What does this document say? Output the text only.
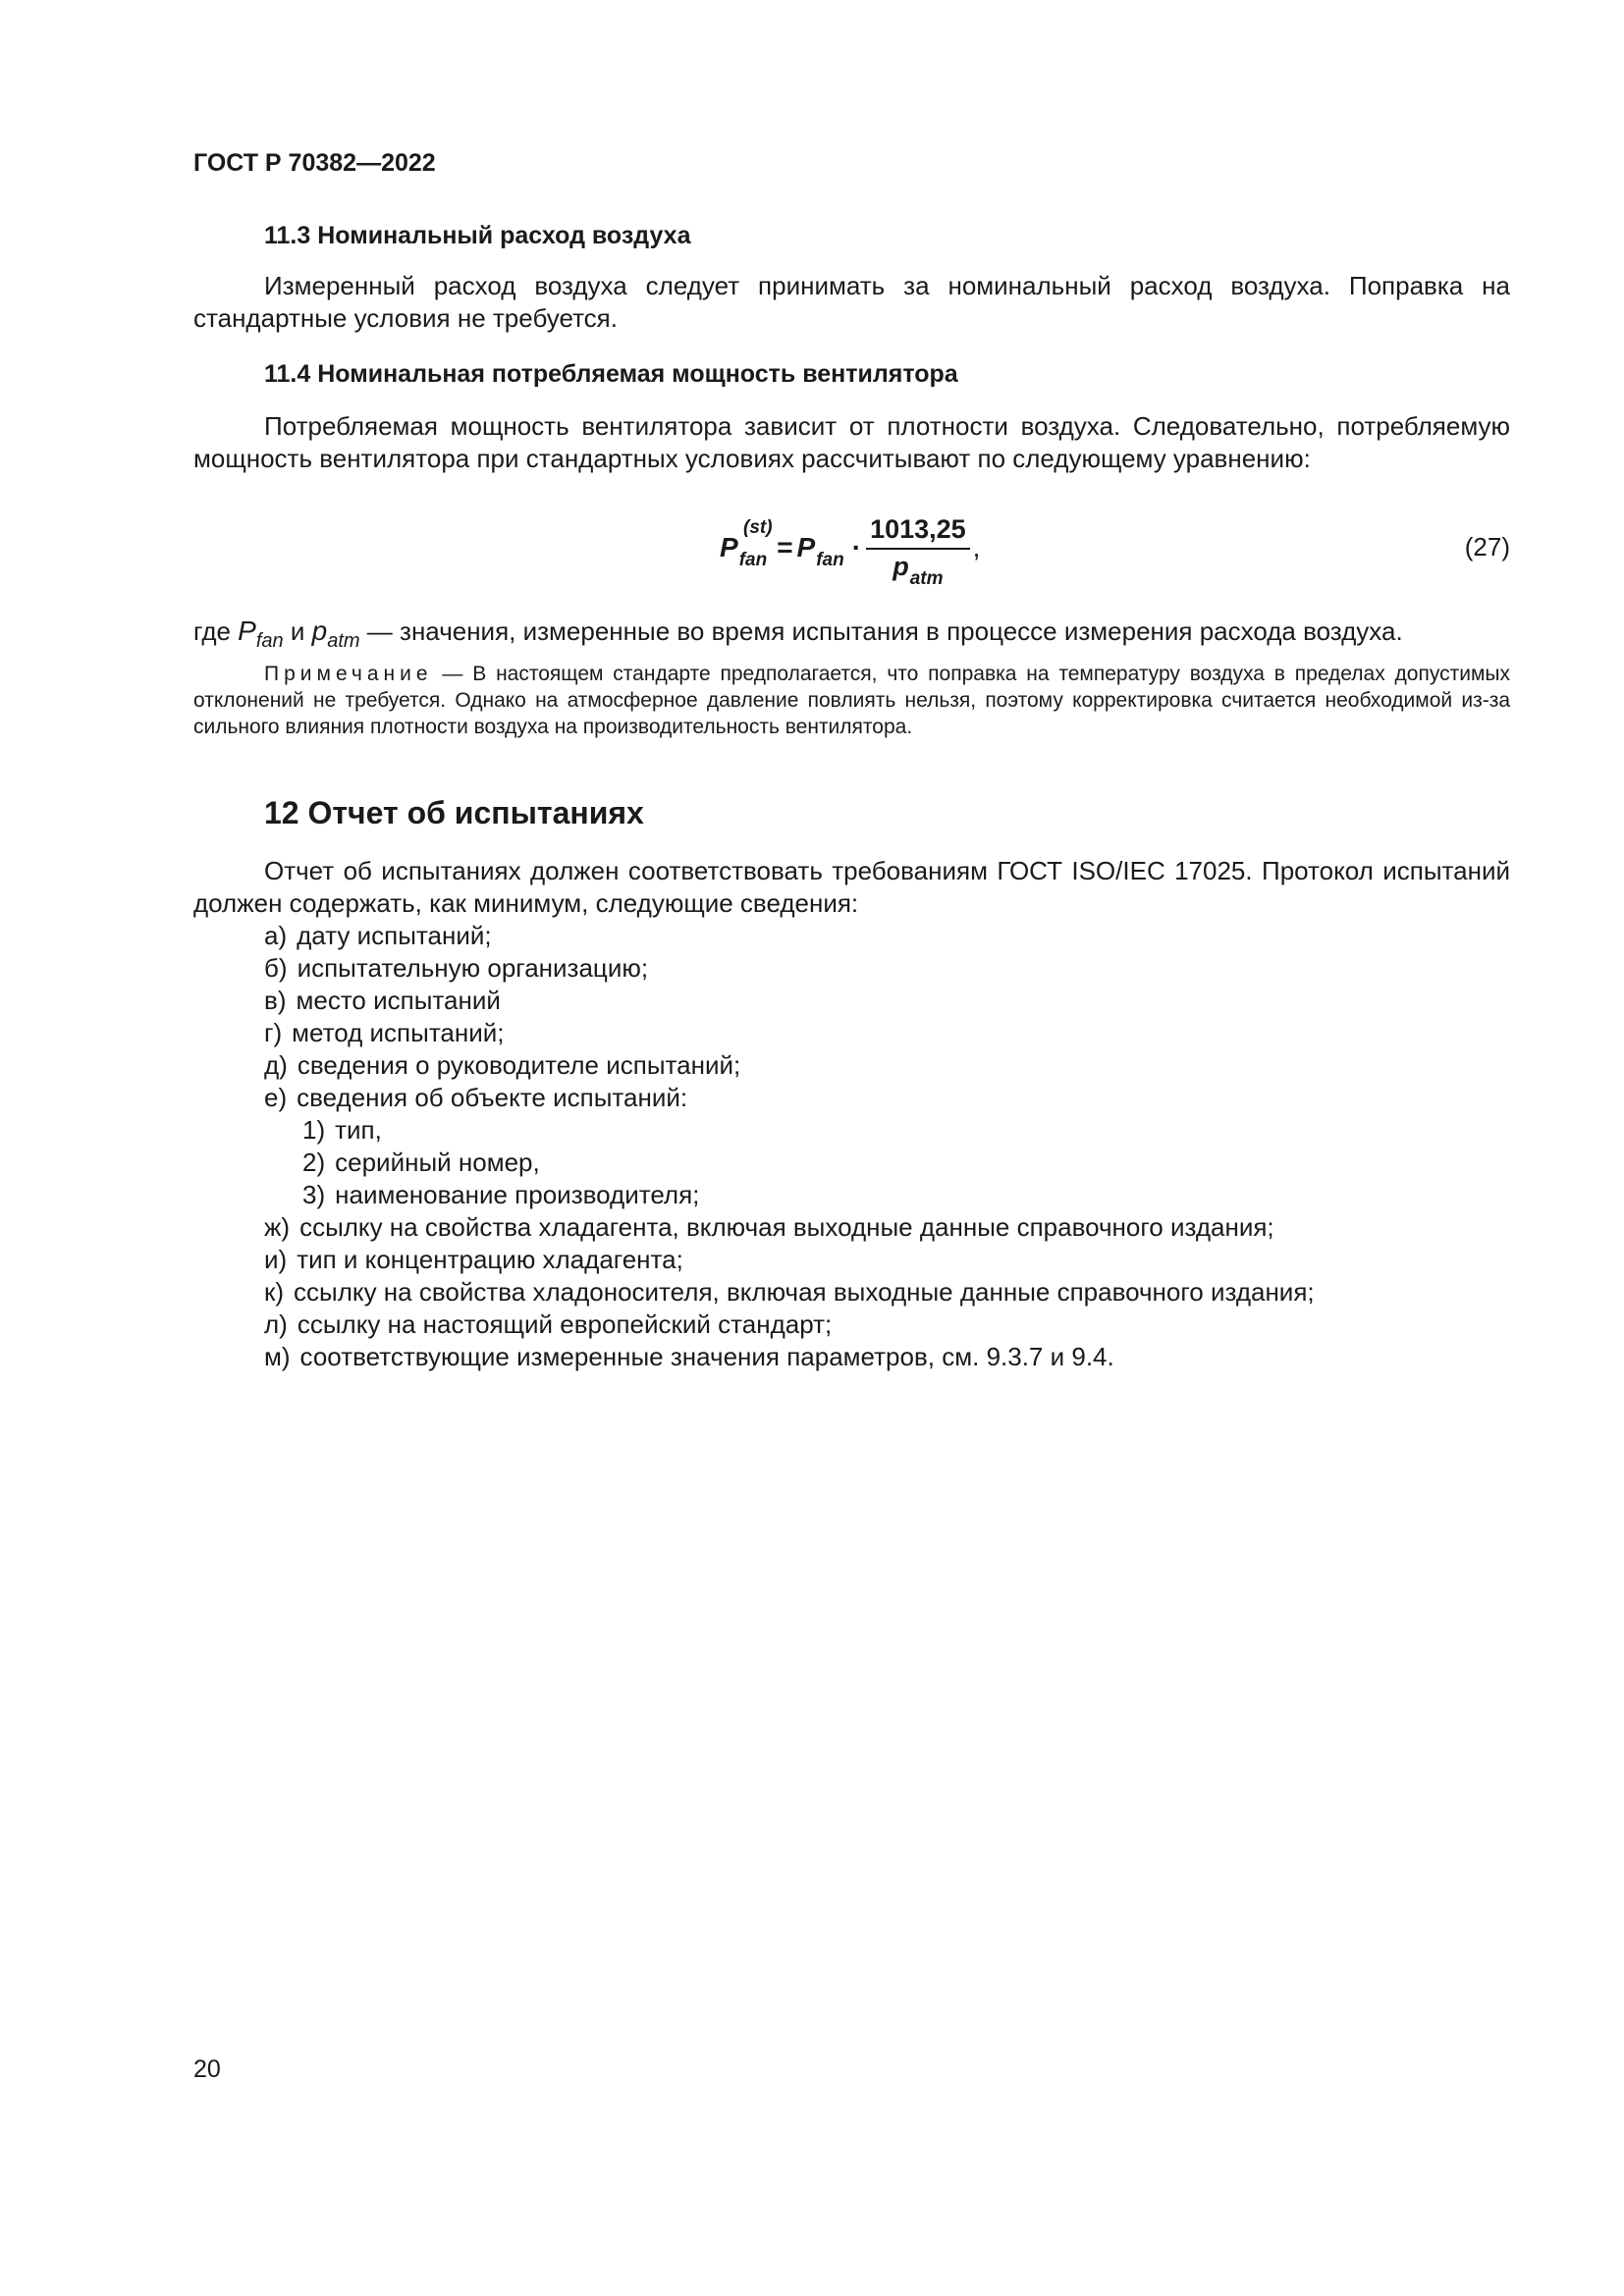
ГОСТ Р 70382—2022
11.3 Номинальный расход воздуха

Измеренный расход воздуха следует принимать за номинальный расход воздуха. Поправка на стандартные условия не требуется.

11.4 Номинальная потребляемая мощность вентилятора

Потребляемая мощность вентилятора зависит от плотности воздуха. Следовательно, потребляемую мощность вентилятора при стандартных условиях рассчитывают по следующему уравнению:

P
(st)
$_{fan} = P_{fan} \cdot \frac{1013,25}{p_{atm}}$ ,	(27)

где $P_{fan}$ и $p_{atm}$ — значения, измеренные во время испытания в процессе измерения расхода воздуха.

Примечание — В настоящем стандарте предполагается, что поправка на температуру воздуха в пределах допустимых отклонений не требуется. Однако на атмосферное давление повлиять нельзя, поэтому корректировка считается необходимой из-за сильного влияния плотности воздуха на производительность вентилятора.

12 Отчет об испытаниях

Отчет об испытаниях должен соответствовать требованиям ГОСТ ISO/IEC 17025. Протокол испытаний должен содержать, как минимум, следующие сведения:

а) дату испытаний;
б) испытательную организацию;
в) место испытаний
г) метод испытаний;
д) сведения о руководителе испытаний;
е) сведения об объекте испытаний:
1) тип,
2) серийный номер,
3) наименование производителя;
ж) ссылку на свойства хладагента, включая выходные данные справочного издания;
и) тип и концентрацию хладагента;
к) ссылку на свойства хладоносителя, включая выходные данные справочного издания;
л) ссылку на настоящий европейский стандарт;
м) соответствующие измеренные значения параметров, см. 9.3.7 и 9.4.
20
